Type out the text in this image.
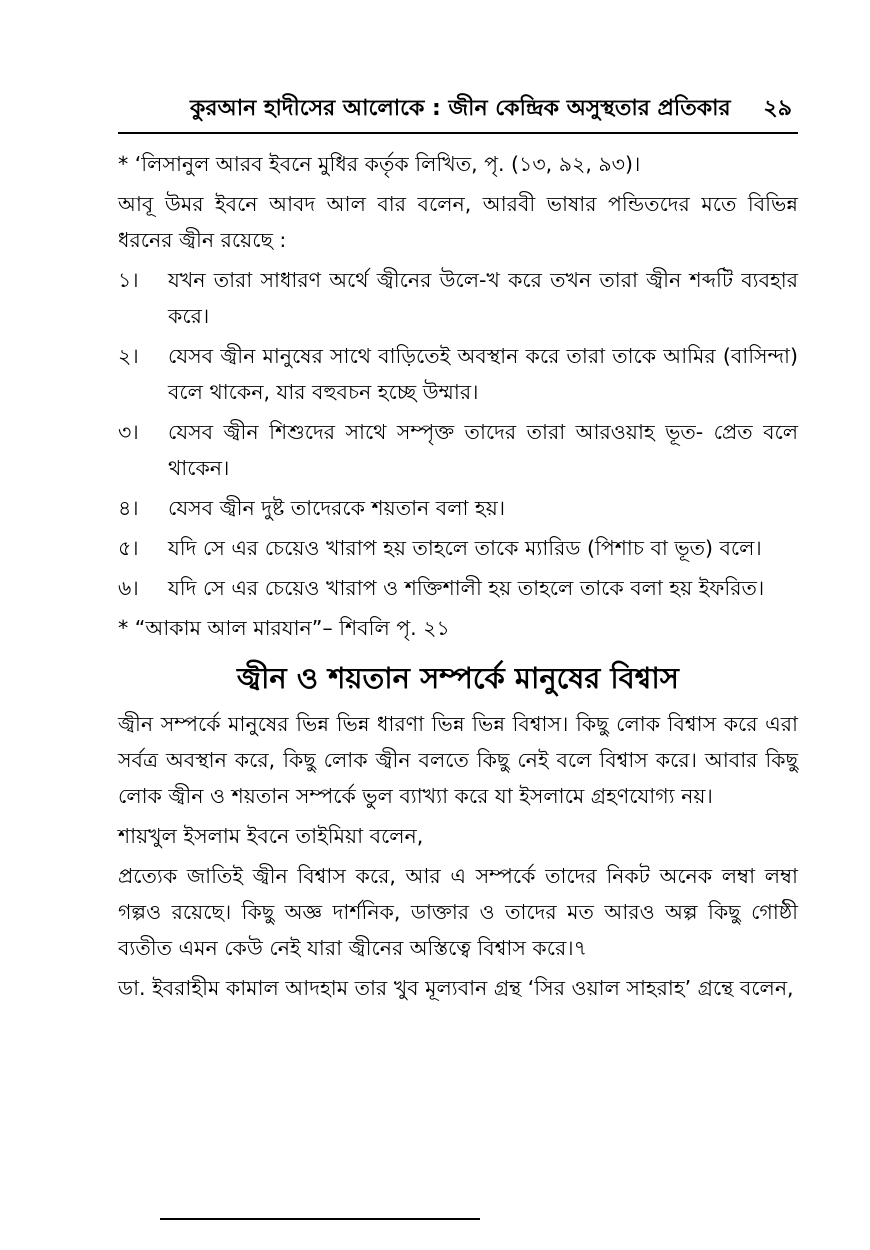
কুরআন হাদীসের আলোকে : জীন কেন্দ্রিক অসুস্থতার প্রতিকার ২৯

* ‘লিসানুল আরব ইবনে মুধির কর্তৃক লিখিত, পৃ. (১৩, ৯২, ৯৩)।

আবূ উমর ইবনে আবদ আল বার বলেন, আরবী ভাষার পন্ডিতদের মতে বিভিন্ন ধরনের জ্বীন রয়েছে :

১।	যখন তারা সাধারণ অর্থে জ্বীনের উলে-খ করে তখন তারা জ্বীন শব্দটি ব্যবহার করে।
২।	যেসব জ্বীন মানুষের সাথে বাড়িতেই অবস্থান করে তারা তাকে আমির (বাসিন্দা) বলে থাকেন, যার বহুবচন হচ্ছে উম্মার।
৩।	যেসব জ্বীন শিশুদের সাথে সম্পৃক্ত তাদের তারা আরওয়াহ ভূত- প্রেত বলে থাকেন।
৪।	যেসব জ্বীন দুষ্ট তাদেরকে শয়তান বলা হয়।
৫।	যদি সে এর চেয়েও খারাপ হয় তাহলে তাকে ম্যারিড (পিশাচ বা ভূত) বলে।
৬।	যদি সে এর চেয়েও খারাপ ও শক্তিশালী হয় তাহলে তাকে বলা হয় ইফরিত।

* “আকাম আল মারযান”– শিবলি পৃ. ২১

জ্বীন ও শয়তান সম্পর্কে মানুষের বিশ্বাস

জ্বীন সম্পর্কে মানুষের ভিন্ন ভিন্ন ধারণা ভিন্ন ভিন্ন বিশ্বাস। কিছু লোক বিশ্বাস করে এরা সর্বত্র অবস্থান করে, কিছু লোক জ্বীন বলতে কিছু নেই বলে বিশ্বাস করে। আবার কিছু লোক জ্বীন ও শয়তান সম্পর্কে ভুল ব্যাখ্যা করে যা ইসলামে গ্রহণযোগ্য নয়।

শায়খুল ইসলাম ইবনে তাইমিয়া বলেন,

প্রত্যেক জাতিই জ্বীন বিশ্বাস করে, আর এ সম্পর্কে তাদের নিকট অনেক লম্বা লম্বা গল্পও রয়েছে। কিছু অজ্ঞ দার্শনিক, ডাক্তার ও তাদের মত আরও অল্প কিছু গোষ্ঠী ব্যতীত এমন কেউ নেই যারা জ্বীনের অস্তিত্বে বিশ্বাস করে।৭

ডা. ইবরাহীম কামাল আদহাম তার খুব মূল্যবান গ্রন্থ ‘সির ওয়াল সাহরাহ’ গ্রন্থে বলেন,
